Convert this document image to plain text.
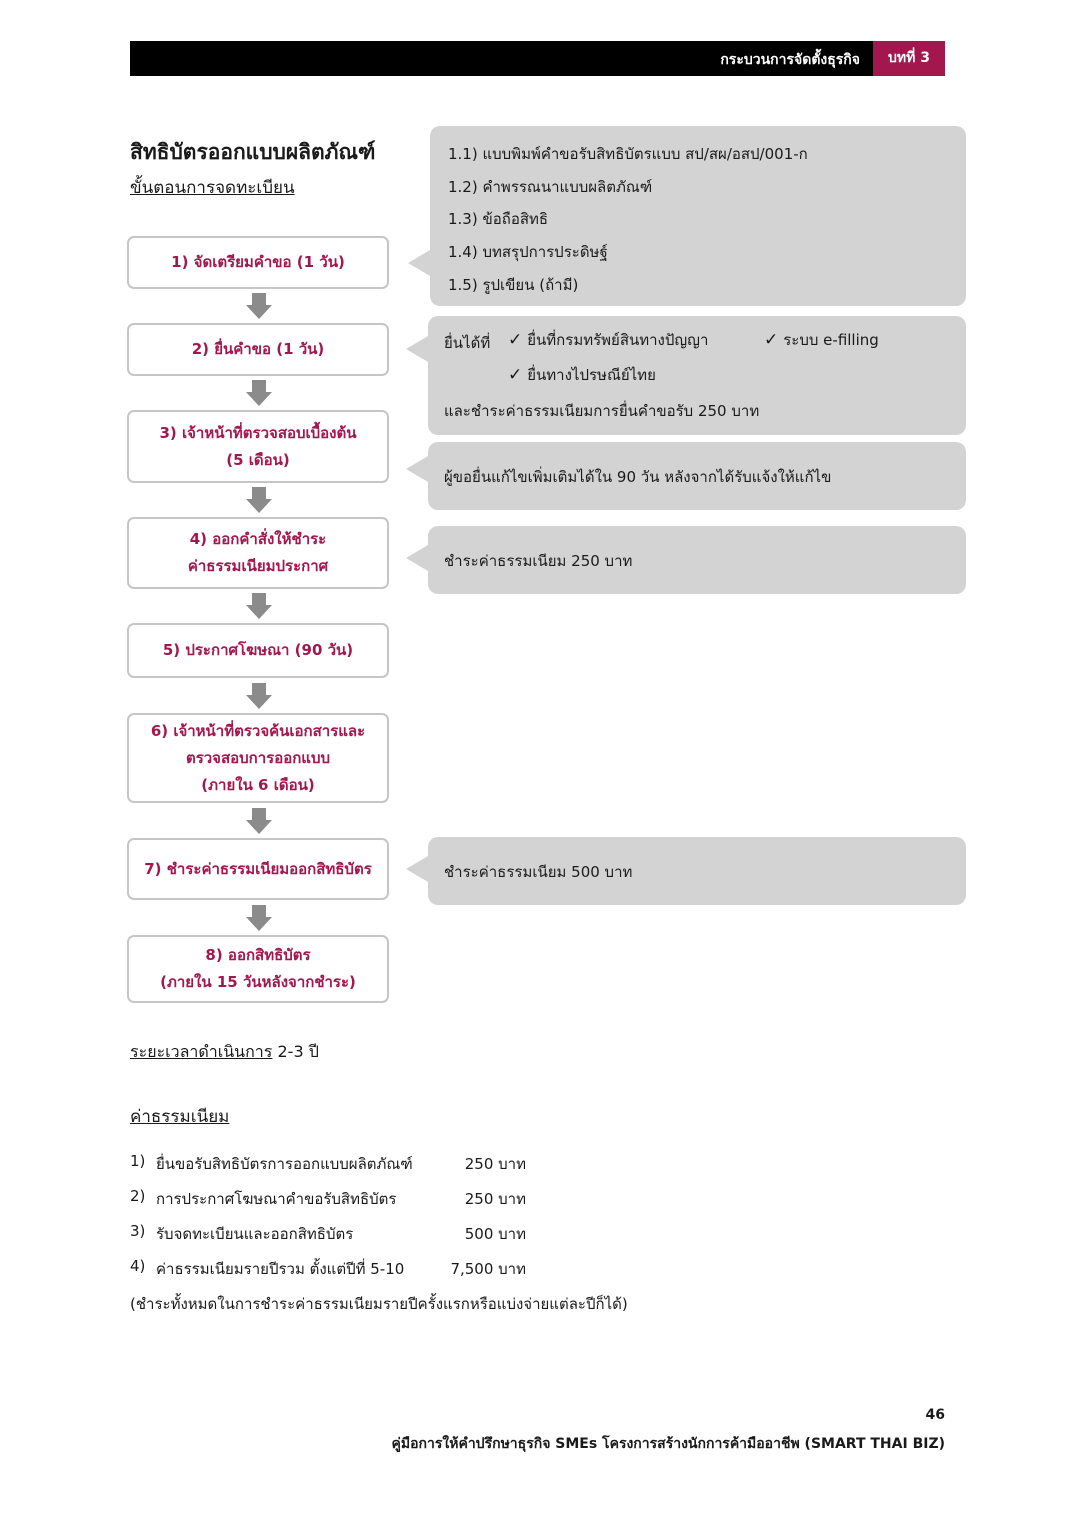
กระบวนการจัดตั้งธุรกิจ	บทที่ 3
สิทธิบัตรออกแบบผลิตภัณฑ์
ขั้นตอนการจดทะเบียน
1) จัดเตรียมคำขอ (1 วัน)
2) ยื่นคำขอ (1 วัน)
3) เจ้าหน้าที่ตรวจสอบเบื้องต้น
(5 เดือน)
4) ออกคำสั่งให้ชำระ
ค่าธรรมเนียมประกาศ
5) ประกาศโฆษณา (90 วัน)
6) เจ้าหน้าที่ตรวจค้นเอกสารและ
ตรวจสอบการออกแบบ
(ภายใน 6 เดือน)
7) ชำระค่าธรรมเนียมออกสิทธิบัตร
8) ออกสิทธิบัตร
(ภายใน 15 วันหลังจากชำระ)
1.1) แบบพิมพ์คำขอรับสิทธิบัตรแบบ สป/สผ/อสป/001-ก
1.2) คำพรรณนาแบบผลิตภัณฑ์
1.3) ข้อถือสิทธิ
1.4) บทสรุปการประดิษฐ์
1.5) รูปเขียน (ถ้ามี)
ยื่นได้ที่ ✓ ยื่นที่กรมทรัพย์สินทางปัญญา	✓ ระบบ e-filling
✓ ยื่นทางไปรษณีย์ไทย
และชำระค่าธรรมเนียมการยื่นคำขอรับ 250 บาท
ผู้ขอยื่นแก้ไขเพิ่มเติมได้ใน 90 วัน หลังจากได้รับแจ้งให้แก้ไข
ชำระค่าธรรมเนียม 250 บาท
ชำระค่าธรรมเนียม 500 บาท
ระยะเวลาดำเนินการ 2-3 ปี
ค่าธรรมเนียม
1) ยื่นขอรับสิทธิบัตรการออกแบบผลิตภัณฑ์	250 บาท
2) การประกาศโฆษณาคำขอรับสิทธิบัตร	250 บาท
3) รับจดทะเบียนและออกสิทธิบัตร	500 บาท
4) ค่าธรรมเนียมรายปีรวม ตั้งแต่ปีที่ 5-10	7,500 บาท
(ชำระทั้งหมดในการชำระค่าธรรมเนียมรายปีครั้งแรกหรือแบ่งจ่ายแต่ละปีก็ได้)
46
คู่มือการให้คำปรึกษาธุรกิจ SMEs โครงการสร้างนักการค้ามืออาชีพ (SMART THAI BIZ)
